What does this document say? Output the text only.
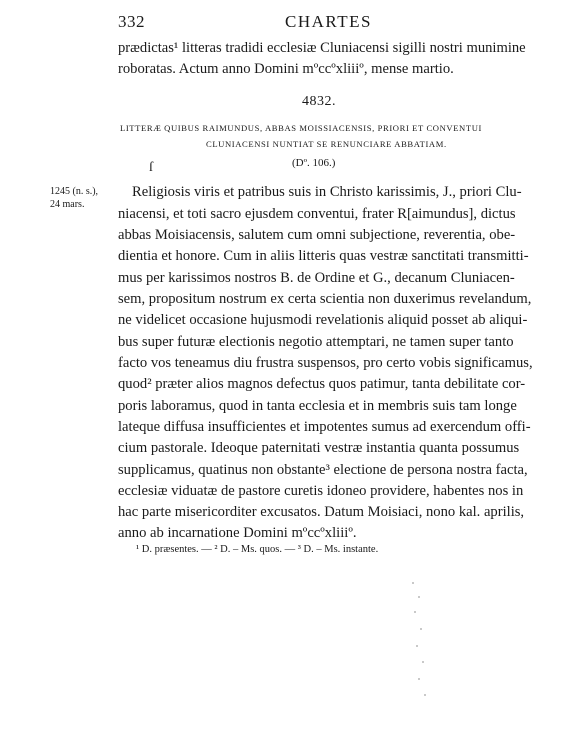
332	CHARTES
prædictas¹ litteras tradidi ecclesiæ Cluniacensi sigilli nostri munimine
roboratas. Actum anno Domini mºccºxliiiº, mense martio.
4832.
LITTERÆ QUIBUS RAIMUNDUS, ABBAS MOISSIACENSIS, PRIORI ET CONVENTUI
CLUNIACENSI NUNTIAT SE RENUNCIARE ABBATIAM.
(Dº. 106.)
ſ
1245 (n. s.),
24 mars.
Religiosis viris et patribus suis in Christo karissimis, J., priori Clu-
niacensi, et toti sacro ejusdem conventui, frater R[aimundus], dictus
abbas Moisiacensis, salutem cum omni subjectione, reverentia, obe-
dientia et honore. Cum in aliis litteris quas vestræ sanctitati transmitti-
mus per karissimos nostros B. de Ordine et G., decanum Cluniacen-
sem, propositum nostrum ex certa scientia non duxerimus revelandum,
ne videlicet occasione hujusmodi revelationis aliquid posset ab aliqui-
bus super futuræ electionis negotio attemptari, ne tamen super tanto
facto vos teneamus diu frustra suspensos, pro certo vobis significamus,
quod² præter alios magnos defectus quos patimur, tanta debilitate cor-
poris laboramus, quod in tanta ecclesia et in membris suis tam longe
lateque diffusa insufficientes et impotentes sumus ad exercendum offi-
cium pastorale. Ideoque paternitati vestræ instantia quanta possumus
supplicamus, quatinus non obstante³ electione de persona nostra facta,
ecclesiæ viduatæ de pastore curetis idoneo providere, habentes nos in
hac parte misericorditer excusatos. Datum Moisiaci, nono kal. aprilis,
anno ab incarnatione Domini mºccºxliiiº.
¹ D. præsentes. — ² D. – Ms. quos. — ³ D. – Ms. instante.
